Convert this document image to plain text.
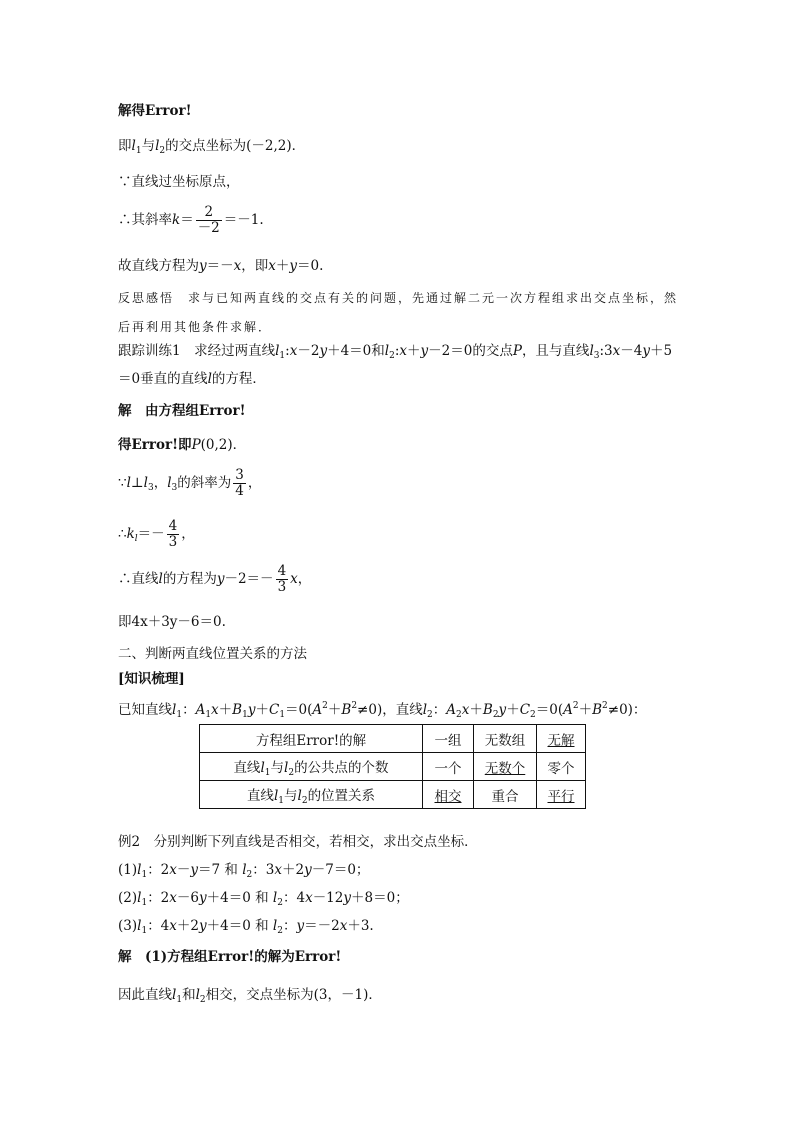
解得Error!
即$l_1$与$l_2$的交点坐标为(－2,2)．
∵直线过坐标原点，
∴其斜率$k= \frac{2}{-2} =-1$.
故直线方程为y＝－x，即x＋y＝0.
反思感悟　求与已知两直线的交点有关的问题，先通过解二元一次方程组求出交点坐标，然
后再利用其他条件求解．
跟踪训练1　求经过两直线$l_1:x-2y+4=0$和$l_2:x+y-2=0$的交点P，且与直线$l_3:3x-4y+5$
＝0垂直的直线l的方程．
解　由方程组Error!
得Error!即P(0,2)．
$\because l\perp l_3$，$l_3$的斜率为 $\frac{3}{4}$ ，
$\therefore k_l=- \frac{4}{3}$ ，
∴直线l的方程为$y-2=- \frac{4}{3}$ x，
即4x＋3y－6＝0.
二、判断两直线位置关系的方法
[知识梳理]
已知直线$l_1$：$A_1x+B_1y+C_1=0(A^2+B^2\ne 0)$，直线$l_2$：$A_2x+B_2y+C_2=0(A^2+B^2\ne 0)$：
方程组Error!的解	一组	无数组	无解
直线$l_1$与$l_2$的公共点的个数	一个	无数个	零个
直线$l_1$与$l_2$的位置关系	相交	重合	平行
例2　分别判断下列直线是否相交，若相交，求出交点坐标．
$(1)l_1$：2x－y＝7 和 $l_2$：3x＋2y－7＝0；
$(2)l_1$：2x－6y＋4＝0 和 $l_2$：4x－12y＋8＝0；
$(3)l_1$：4x＋2y＋4＝0 和 $l_2$：y＝－2x＋3.
解　(1)方程组Error!的解为Error!
因此直线$l_1$和$l_2$相交，交点坐标为(3，－1)．
